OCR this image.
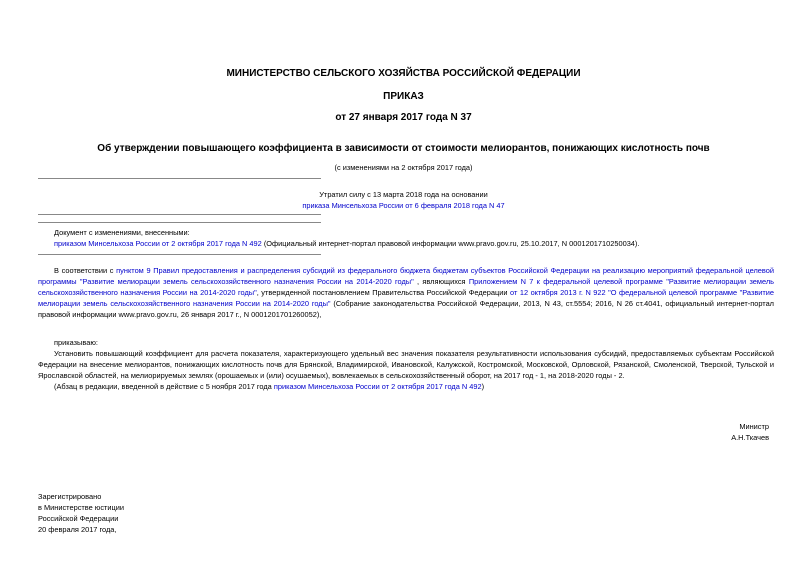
МИНИСТЕРСТВО СЕЛЬСКОГО ХОЗЯЙСТВА РОССИЙСКОЙ ФЕДЕРАЦИИ
ПРИКАЗ
от 27 января 2017 года N 37
Об утверждении повышающего коэффициента в зависимости от стоимости мелиорантов, понижающих кислотность почв
(с изменениями на 2 октября 2017 года)
Утратил силу с 13 марта 2018 года на основании
приказа Минсельхоза России от 6 февраля 2018 года N 47
Документ с изменениями, внесенными:
приказом Минсельхоза России от 2 октября 2017 года N 492 (Официальный интернет-портал правовой информации www.pravo.gov.ru, 25.10.2017, N 0001201710250034).
В соответствии с пунктом 9 Правил предоставления и распределения субсидий из федерального бюджета бюджетам субъектов Российской Федерации на реализацию мероприятий федеральной целевой программы "Развитие мелиорации земель сельскохозяйственного назначения России на 2014-2020 годы" , являющихся Приложением N 7 к федеральной целевой программе "Развитие мелиорации земель сельскохозяйственного назначения России на 2014-2020 годы", утвержденной постановлением Правительства Российской Федерации от 12 октября 2013 г. N 922 "О федеральной целевой программе "Развитие мелиорации земель сельскохозяйственного назначения России на 2014-2020 годы" (Собрание законодательства Российской Федерации, 2013, N 43, ст.5554; 2016, N 26 ст.4041, официальный интернет-портал правовой информации www.pravo.gov.ru, 26 января 2017 г., N 0001201701260052),
приказываю:
Установить повышающий коэффициент для расчета показателя, характеризующего удельный вес значения показателя результативности использования субсидий, предоставляемых субъектам Российской Федерации на внесение мелиорантов, понижающих кислотность почв для Брянской, Владимирской, Ивановской, Калужской, Костромской, Московской, Орловской, Рязанской, Смоленской, Тверской, Тульской и Ярославской областей, на мелиорируемых землях (орошаемых и (или) осушаемых), вовлекаемых в сельскохозяйственный оборот, на 2017 год - 1, на 2018-2020 годы - 2.
(Абзац в редакции, введенной в действие с 5 ноября 2017 года приказом Минсельхоза России от 2 октября 2017 года N 492)
Министр
А.Н.Ткачев
Зарегистрировано
в Министерстве юстиции
Российской Федерации
20 февраля 2017 года,
